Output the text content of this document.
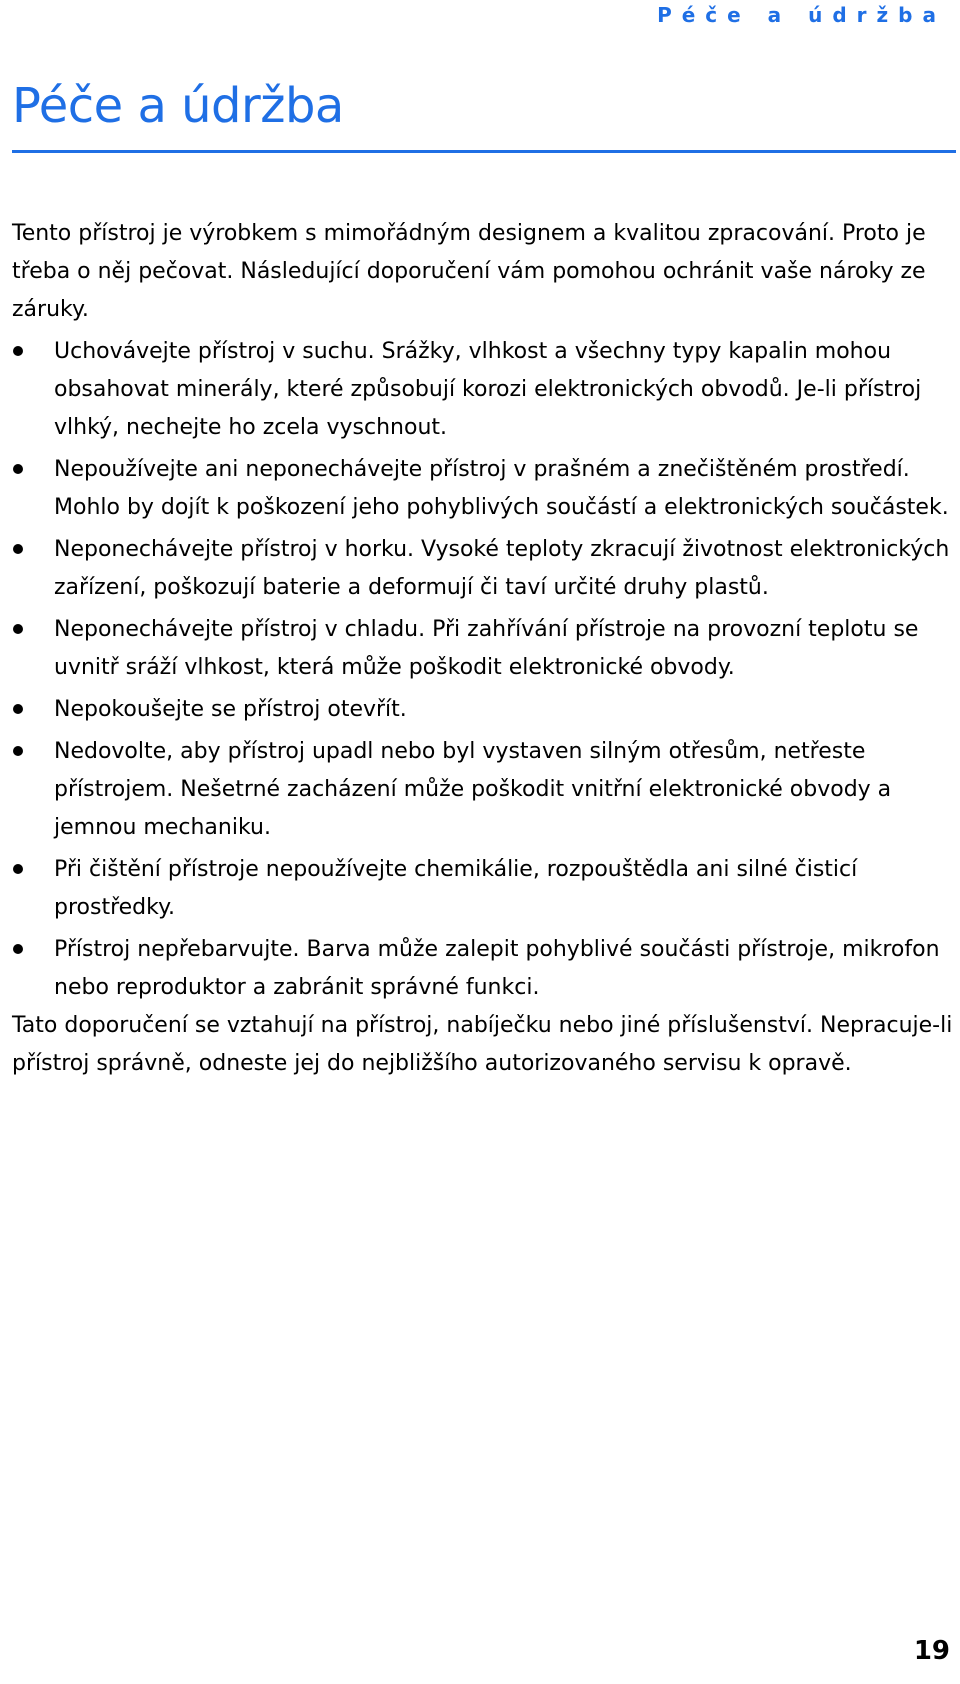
Péče a údržba
Péče a údržba

Tento přístroj je výrobkem s mimořádným designem a kvalitou zpracování. Proto je třeba o něj pečovat. Následující doporučení vám pomohou ochránit vaše nároky ze záruky.

Uchovávejte přístroj v suchu. Srážky, vlhkost a všechny typy kapalin mohou obsahovat minerály, které způsobují korozi elektronických obvodů. Je-li přístroj vlhký, nechejte ho zcela vyschnout.
Nepoužívejte ani neponechávejte přístroj v prašném a znečištěném prostředí. Mohlo by dojít k poškození jeho pohyblivých součástí a elektronických součástek.
Neponechávejte přístroj v horku. Vysoké teploty zkracují životnost elektronických zařízení, poškozují baterie a deformují či taví určité druhy plastů.
Neponechávejte přístroj v chladu. Při zahřívání přístroje na provozní teplotu se uvnitř sráží vlhkost, která může poškodit elektronické obvody.
Nepokoušejte se přístroj otevřít.
Nedovolte, aby přístroj upadl nebo byl vystaven silným otřesům, netřeste přístrojem. Nešetrné zacházení může poškodit vnitřní elektronické obvody a jemnou mechaniku.
Při čištění přístroje nepoužívejte chemikálie, rozpouštědla ani silné čisticí prostředky.
Přístroj nepřebarvujte. Barva může zalepit pohyblivé součásti přístroje, mikrofon nebo reproduktor a zabránit správné funkci.

Tato doporučení se vztahují na přístroj, nabíječku nebo jiné příslušenství. Nepracuje-li přístroj správně, odneste jej do nejbližšího autorizovaného servisu k opravě.

19
